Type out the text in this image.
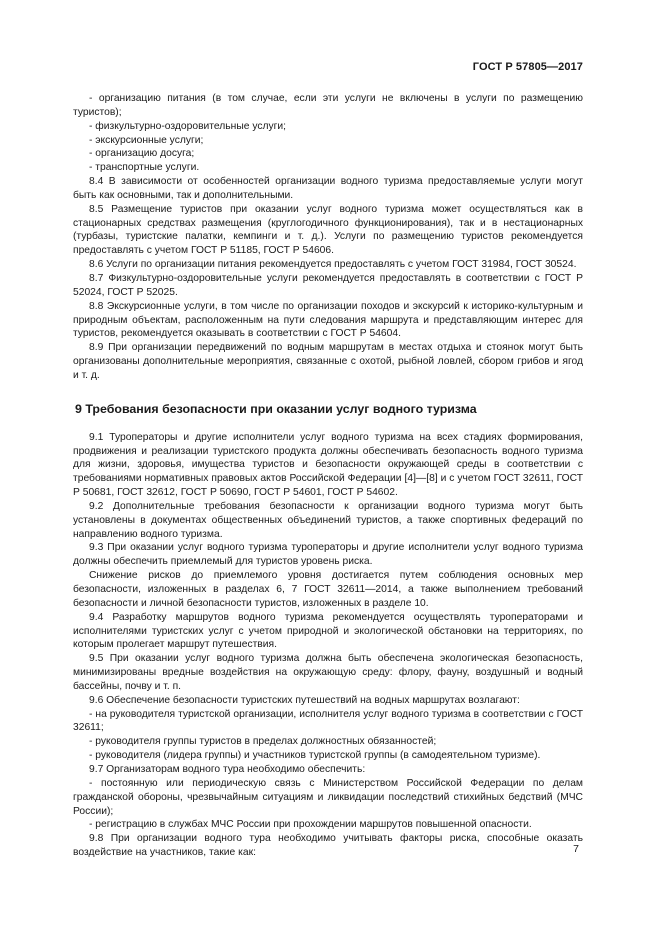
ГОСТ Р 57805—2017

- организацию питания (в том случае, если эти услуги не включены в услуги по размещению туристов);

- физкультурно-оздоровительные услуги;

- экскурсионные услуги;

- организацию досуга;

- транспортные услуги.

8.4 В зависимости от особенностей организации водного туризма предоставляемые услуги могут быть как основными, так и дополнительными.

8.5 Размещение туристов при оказании услуг водного туризма может осуществляться как в стационарных средствах размещения (круглогодичного функционирования), так и в нестационарных (турбазы, туристские палатки, кемпинги и т. д.). Услуги по размещению туристов рекомендуется предоставлять с учетом ГОСТ Р 51185, ГОСТ Р 54606.

8.6 Услуги по организации питания рекомендуется предоставлять с учетом ГОСТ 31984, ГОСТ 30524.

8.7 Физкультурно-оздоровительные услуги рекомендуется предоставлять в соответствии с ГОСТ Р 52024, ГОСТ Р 52025.

8.8 Экскурсионные услуги, в том числе по организации походов и экскурсий к историко-культурным и природным объектам, расположенным на пути следования маршрута и представляющим интерес для туристов, рекомендуется оказывать в соответствии с ГОСТ Р 54604.

8.9 При организации передвижений по водным маршрутам в местах отдыха и стоянок могут быть организованы дополнительные мероприятия, связанные с охотой, рыбной ловлей, сбором грибов и ягод и т. д.

9 Требования безопасности при оказании услуг водного туризма

9.1 Туроператоры и другие исполнители услуг водного туризма на всех стадиях формирования, продвижения и реализации туристского продукта должны обеспечивать безопасность водного туризма для жизни, здоровья, имущества туристов и безопасности окружающей среды в соответствии с требованиями нормативных правовых актов Российской Федерации [4]—[8] и с учетом ГОСТ 32611, ГОСТ Р 50681, ГОСТ 32612, ГОСТ Р 50690, ГОСТ Р 54601, ГОСТ Р 54602.

9.2 Дополнительные требования безопасности к организации водного туризма могут быть установлены в документах общественных объединений туристов, а также спортивных федераций по направлению водного туризма.

9.3 При оказании услуг водного туризма туроператоры и другие исполнители услуг водного туризма должны обеспечить приемлемый для туристов уровень риска.

Снижение рисков до приемлемого уровня достигается путем соблюдения основных мер безопасности, изложенных в разделах 6, 7 ГОСТ 32611—2014, а также выполнением требований безопасности и личной безопасности туристов, изложенных в разделе 10.

9.4 Разработку маршрутов водного туризма рекомендуется осуществлять туроператорами и исполнителями туристских услуг с учетом природной и экологической обстановки на территориях, по которым пролегает маршрут путешествия.

9.5 При оказании услуг водного туризма должна быть обеспечена экологическая безопасность, минимизированы вредные воздействия на окружающую среду: флору, фауну, воздушный и водный бассейны, почву и т. п.

9.6 Обеспечение безопасности туристских путешествий на водных маршрутах возлагают:

- на руководителя туристской организации, исполнителя услуг водного туризма в соответствии с ГОСТ 32611;

- руководителя группы туристов в пределах должностных обязанностей;

- руководителя (лидера группы) и участников туристской группы (в самодеятельном туризме).

9.7 Организаторам водного тура необходимо обеспечить:

- постоянную или периодическую связь с Министерством Российской Федерации по делам гражданской обороны, чрезвычайным ситуациям и ликвидации последствий стихийных бедствий (МЧС России);

- регистрацию в службах МЧС России при прохождении маршрутов повышенной опасности.

9.8 При организации водного тура необходимо учитывать факторы риска, способные оказать воздействие на участников, такие как:	7
